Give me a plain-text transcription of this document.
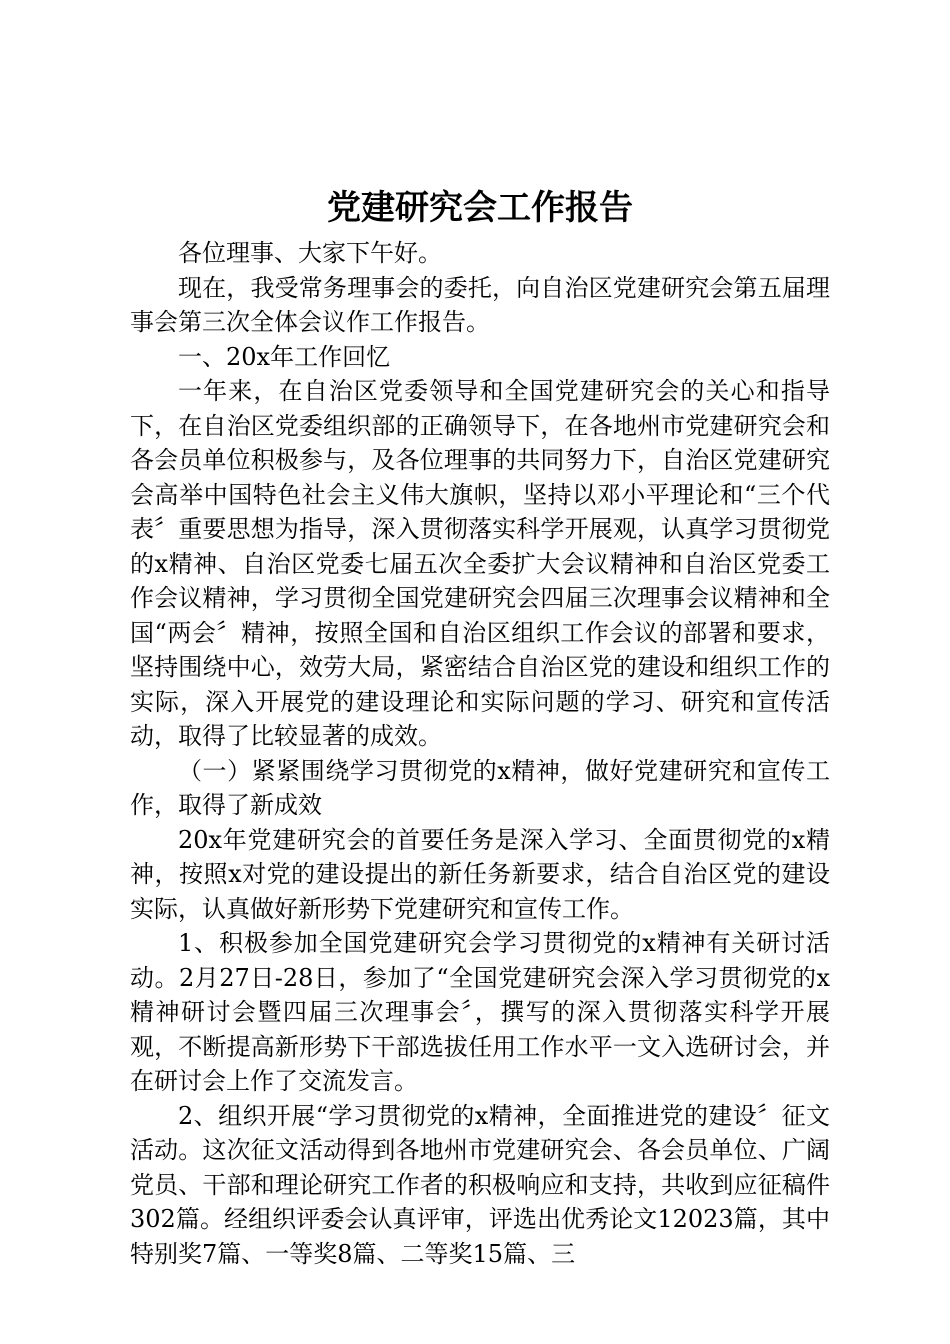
党建研究会工作报告

各位理事、大家下午好。

现在，我受常务理事会的委托，向自治区党建研究会第五届理事会第三次全体会议作工作报告。

一、20x年工作回忆

一年来，在自治区党委领导和全国党建研究会的关心和指导下，在自治区党委组织部的正确领导下，在各地州市党建研究会和各会员单位积极参与，及各位理事的共同努力下，自治区党建研究会高举中国特色社会主义伟大旗帜，坚持以邓小平理论和“三个代表〞重要思想为指导，深入贯彻落实科学开展观，认真学习贯彻党的x精神、自治区党委七届五次全委扩大会议精神和自治区党委工作会议精神，学习贯彻全国党建研究会四届三次理事会议精神和全国“两会〞精神，按照全国和自治区组织工作会议的部署和要求，坚持围绕中心，效劳大局，紧密结合自治区党的建设和组织工作的实际，深入开展党的建设理论和实际问题的学习、研究和宣传活动，取得了比较显著的成效。

（一）紧紧围绕学习贯彻党的x精神，做好党建研究和宣传工作，取得了新成效

20x年党建研究会的首要任务是深入学习、全面贯彻党的x精神，按照x对党的建设提出的新任务新要求，结合自治区党的建设实际，认真做好新形势下党建研究和宣传工作。

1、积极参加全国党建研究会学习贯彻党的x精神有关研讨活动。2月27日-28日，参加了“全国党建研究会深入学习贯彻党的x精神研讨会暨四届三次理事会〞，撰写的深入贯彻落实科学开展观，不断提高新形势下干部选拔任用工作水平一文入选研讨会，并在研讨会上作了交流发言。

2、组织开展“学习贯彻党的x精神，全面推进党的建设〞征文活动。这次征文活动得到各地州市党建研究会、各会员单位、广阔党员、干部和理论研究工作者的积极响应和支持，共收到应征稿件302篇。经组织评委会认真评审，评选出优秀论文12023篇，其中特别奖7篇、一等奖8篇、二等奖15篇、三
